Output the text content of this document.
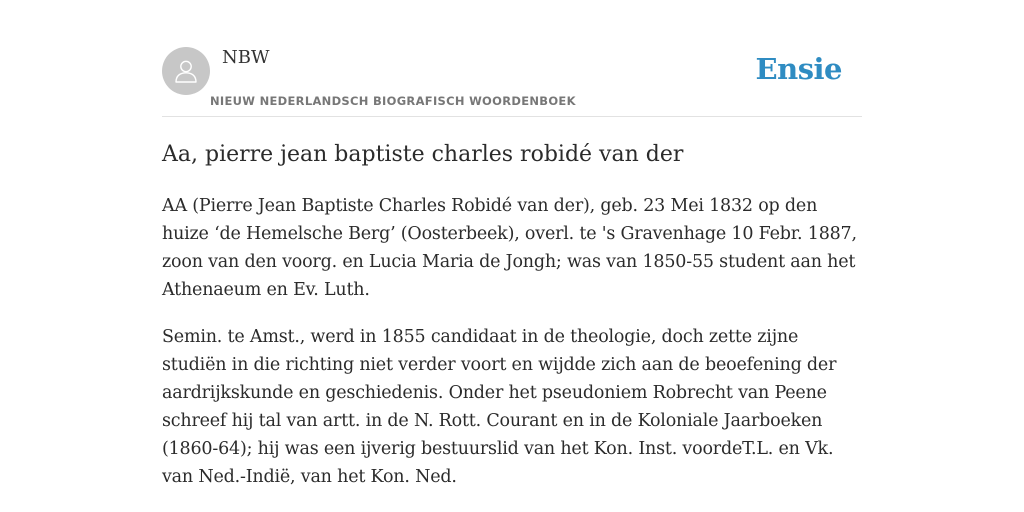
NBW
NIEUW NEDERLANDSCH BIOGRAFISCH WOORDENBOEK
Ensie
Aa, pierre jean baptiste charles robidé van der

AA (Pierre Jean Baptiste Charles Robidé van der), geb. 23 Mei 1832 op den huize ‘de Hemelsche Berg’ (Oosterbeek), overl. te 's Gravenhage 10 Febr. 1887, zoon van den voorg. en Lucia Maria de Jongh; was van 1850-55 student aan het Athenaeum en Ev. Luth.

Semin. te Amst., werd in 1855 candidaat in de theologie, doch zette zijne studiën in die richting niet verder voort en wijdde zich aan de beoefening der aardrijkskunde en geschiedenis. Onder het pseudoniem Robrecht van Peene schreef hij tal van artt. in de N. Rott. Courant en in de Koloniale Jaarboeken (1860-64); hij was een ijverig bestuurslid van het Kon. Inst. voordeT.L. en Vk. van Ned.-Indië, van het Kon. Ned.
